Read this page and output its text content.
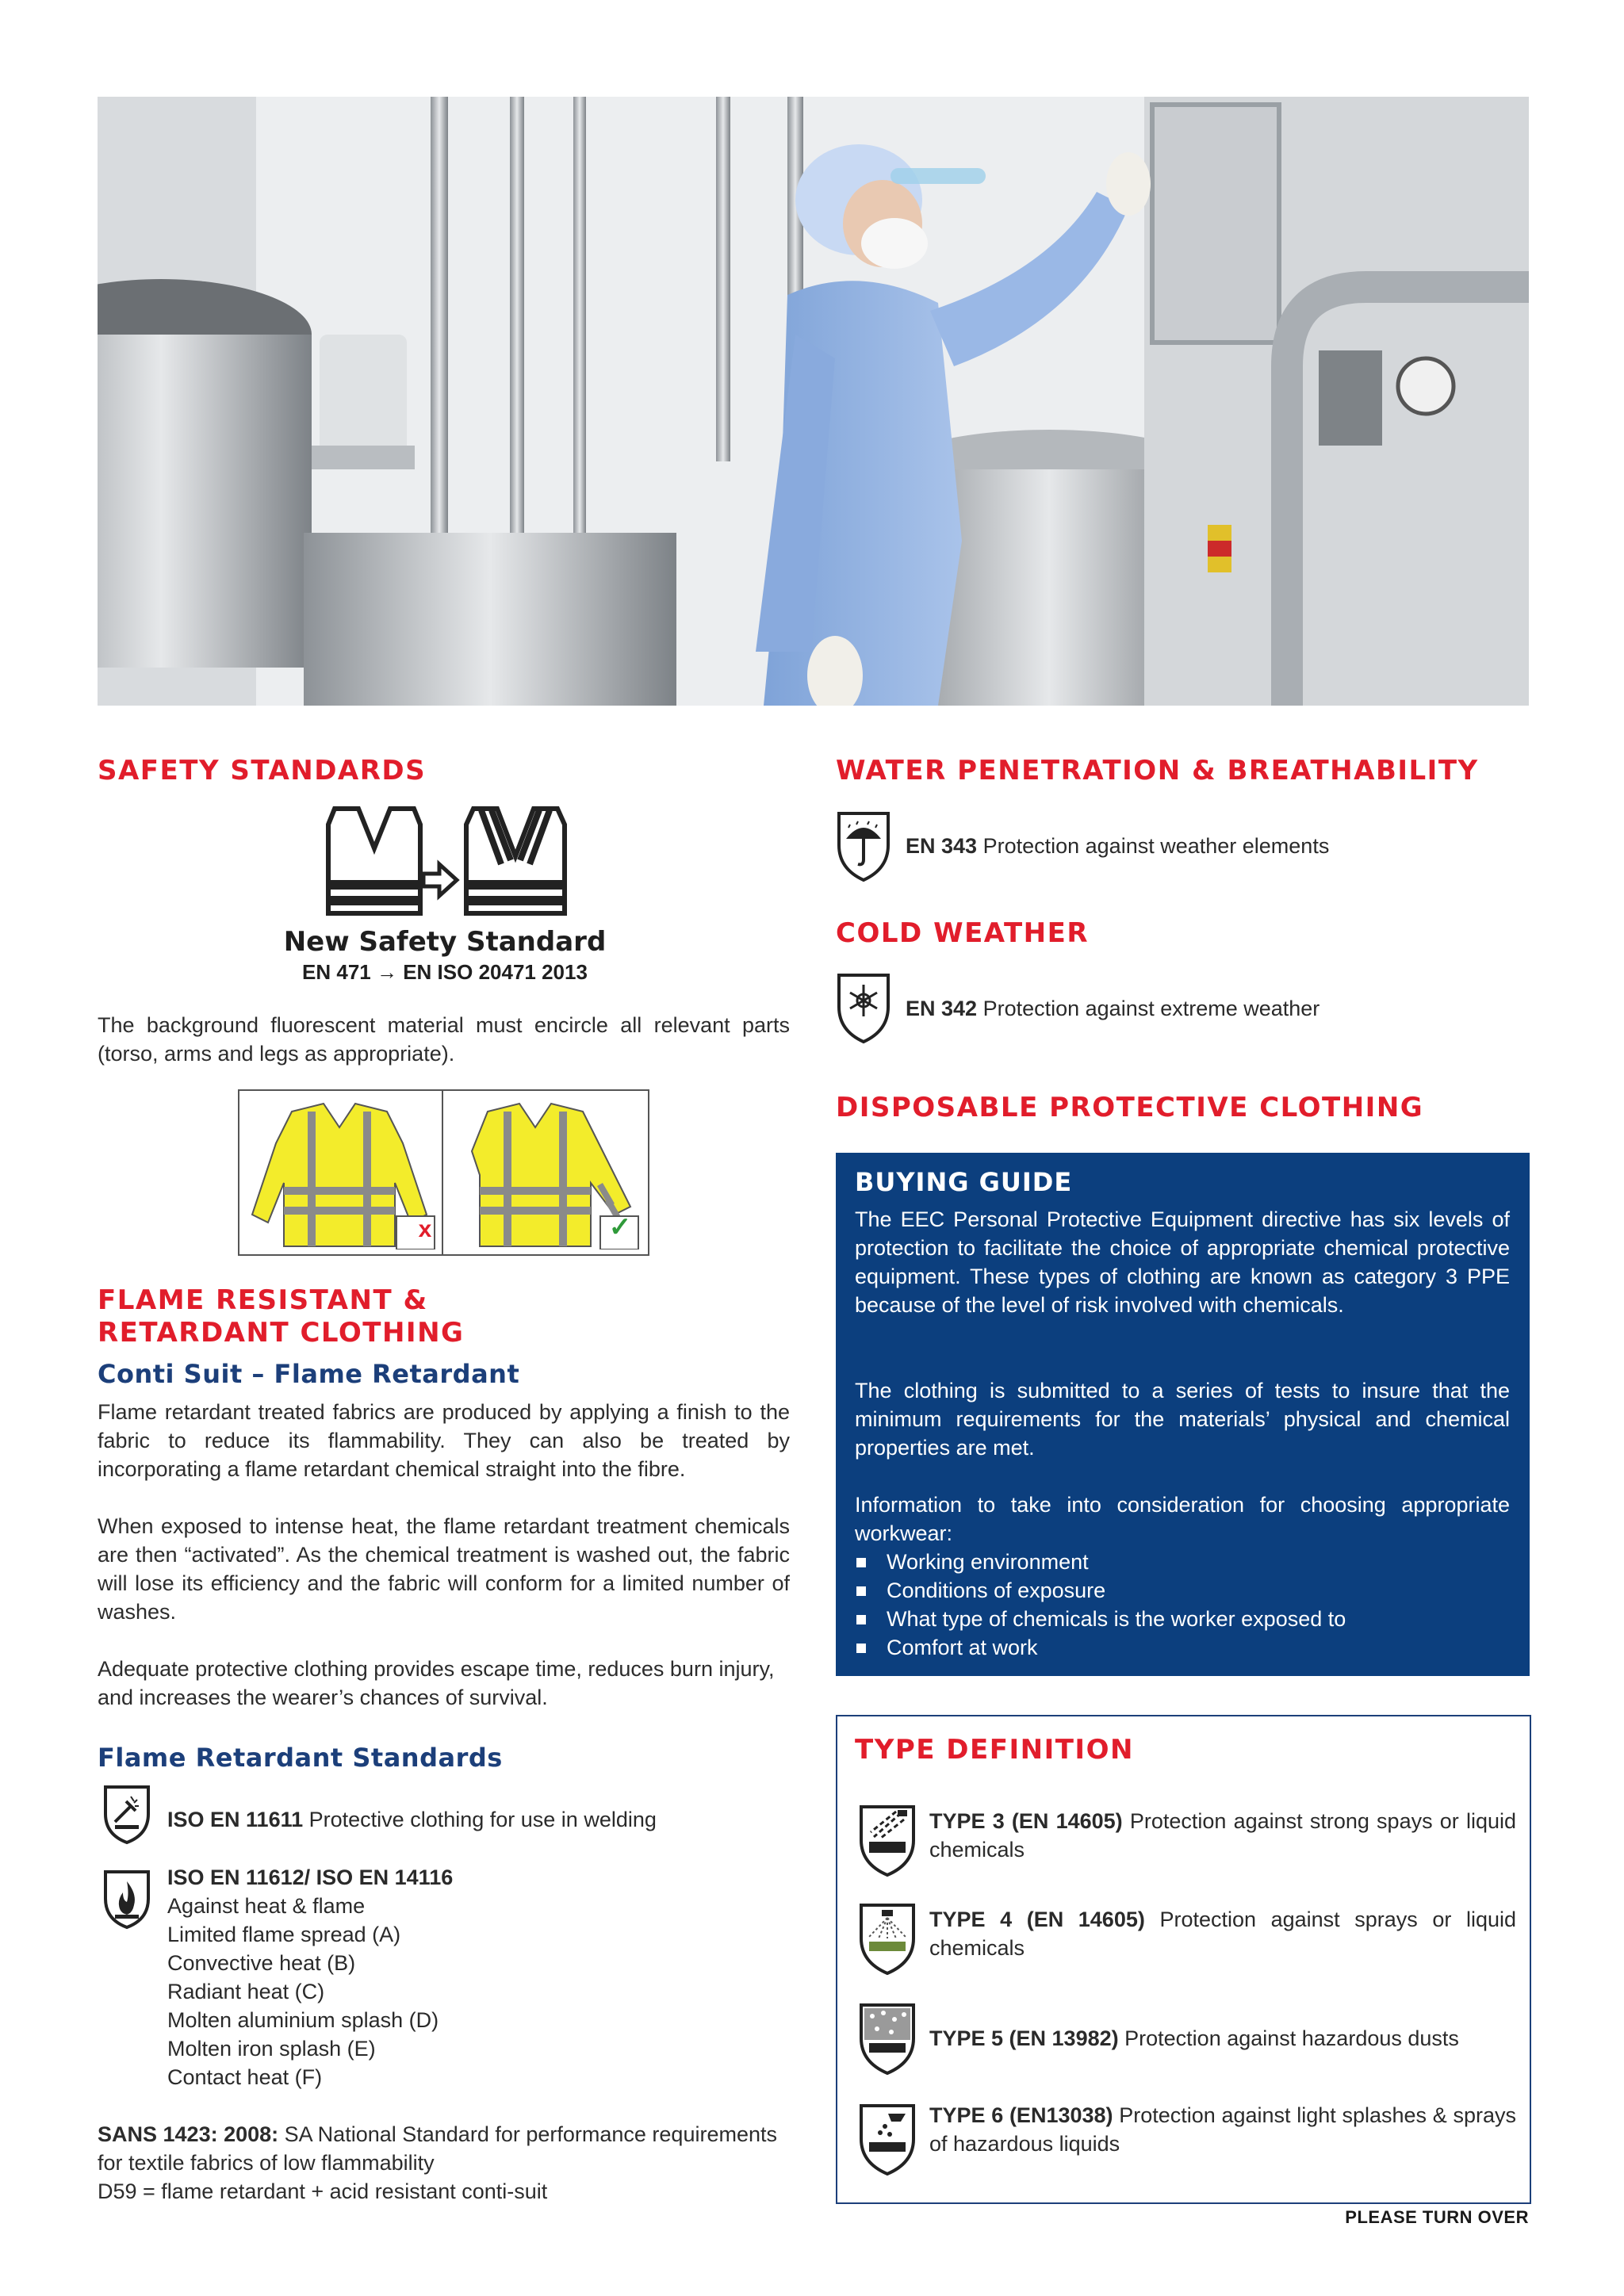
SAFETY STANDARDS
New Safety Standard
EN 471 → EN ISO 20471 2013
The background fluorescent material must encircle all relevant parts (torso, arms and legs as appropriate).
x	✓
FLAME RESISTANT &
RETARDANT CLOTHING
Conti Suit – Flame Retardant
Flame retardant treated fabrics are produced by applying a finish to the fabric to reduce its flammability. They can also be treated by incorporating a flame retardant chemical straight into the fibre.
When exposed to intense heat, the flame retardant treatment chemicals are then “activated”. As the chemical treatment is washed out, the fabric will lose its efficiency and the fabric will conform for a limited number of washes.
Adequate protective clothing provides escape time, reduces burn injury, and increases the wearer’s chances of survival.
Flame Retardant Standards
ISO EN 11611 Protective clothing for use in welding
ISO EN 11612/ ISO EN 14116
Against heat & flame
Limited flame spread (A)
Convective heat (B)
Radiant heat (C)
Molten aluminium splash (D)
Molten iron splash (E)
Contact heat (F)
SANS 1423: 2008: SA National Standard for performance requirements for textile fabrics of low flammability
D59 = flame retardant + acid resistant conti-suit
WATER PENETRATION & BREATHABILITY
EN 343 Protection against weather elements
COLD WEATHER
EN 342 Protection against extreme weather
DISPOSABLE PROTECTIVE CLOTHING
BUYING GUIDE

The EEC Personal Protective Equipment directive has six levels of protection to facilitate the choice of appropriate chemical protective equipment. These types of clothing are known as category 3 PPE because of the level of risk involved with chemicals.

The clothing is submitted to a series of tests to insure that the minimum requirements for the materials’ physical and chemical properties are met.

Information to take into consideration for choosing appropriate workwear:

Working environment
Conditions of exposure
What type of chemicals is the worker exposed to
Comfort at work
TYPE DEFINITION
TYPE 3 (EN 14605) Protection against strong spays or liquid chemicals
TYPE 4 (EN 14605) Protection against sprays or liquid chemicals
TYPE 5 (EN 13982) Protection against hazardous dusts
TYPE 6 (EN13038) Protection against light splashes & sprays of hazardous liquids
PLEASE TURN OVER
